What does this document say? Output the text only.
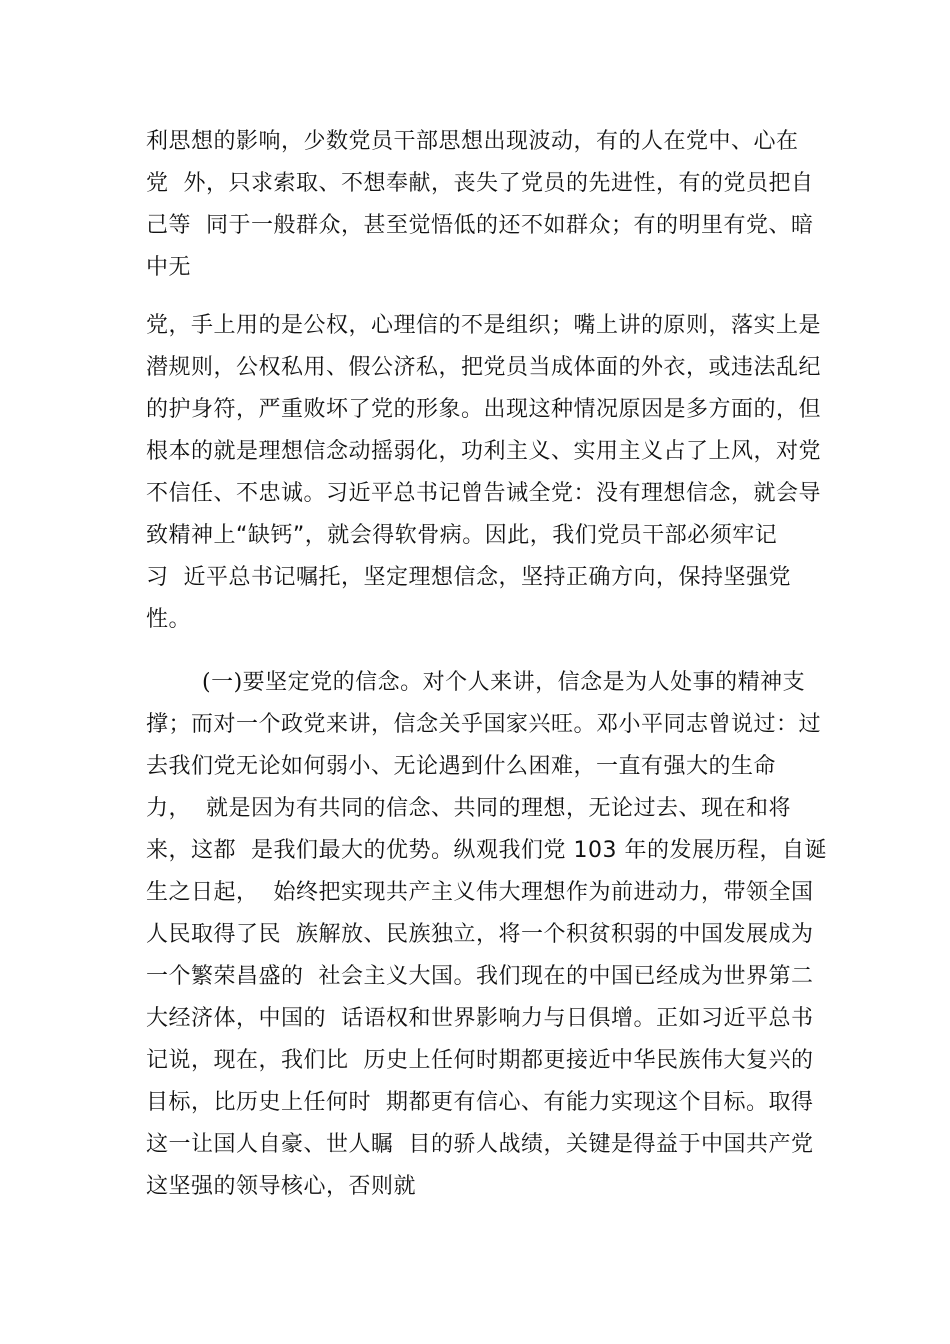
利思想的影响，少数党员干部思想出现波动，有的人在党中、心在
党  外，只求索取、不想奉献，丧失了党员的先进性，有的党员把自
己等  同于一般群众，甚至觉悟低的还不如群众；有的明里有党、暗
中无
党，手上用的是公权，心理信的不是组织；嘴上讲的原则，落实上是
潜规则，公权私用、假公济私，把党员当成体面的外衣，或违法乱纪
的护身符，严重败坏了党的形象。出现这种情况原因是多方面的，但
根本的就是理想信念动摇弱化，功利主义、实用主义占了上风，对党
不信任、不忠诚。习近平总书记曾告诫全党：没有理想信念，就会导
致精神上“缺钙”，就会得软骨病。因此，我们党员干部必须牢记
习  近平总书记嘱托，坚定理想信念，坚持正确方向，保持坚强党
性。
(一)要坚定党的信念。对个人来讲，信念是为人处事的精神支
撑；而对一个政党来讲，信念关乎国家兴旺。邓小平同志曾说过：过
去我们党无论如何弱小、无论遇到什么困难，一直有强大的生命
力，  就是因为有共同的信念、共同的理想，无论过去、现在和将
来，这都  是我们最大的优势。纵观我们党 103 年的发展历程，自诞
生之日起，  始终把实现共产主义伟大理想作为前进动力，带领全国
人民取得了民  族解放、民族独立，将一个积贫积弱的中国发展成为
一个繁荣昌盛的  社会主义大国。我们现在的中国已经成为世界第二
大经济体，中国的  话语权和世界影响力与日俱增。正如习近平总书
记说，现在，我们比  历史上任何时期都更接近中华民族伟大复兴的
目标，比历史上任何时  期都更有信心、有能力实现这个目标。取得
这一让国人自豪、世人瞩  目的骄人战绩，关键是得益于中国共产党
这坚强的领导核心，否则就
